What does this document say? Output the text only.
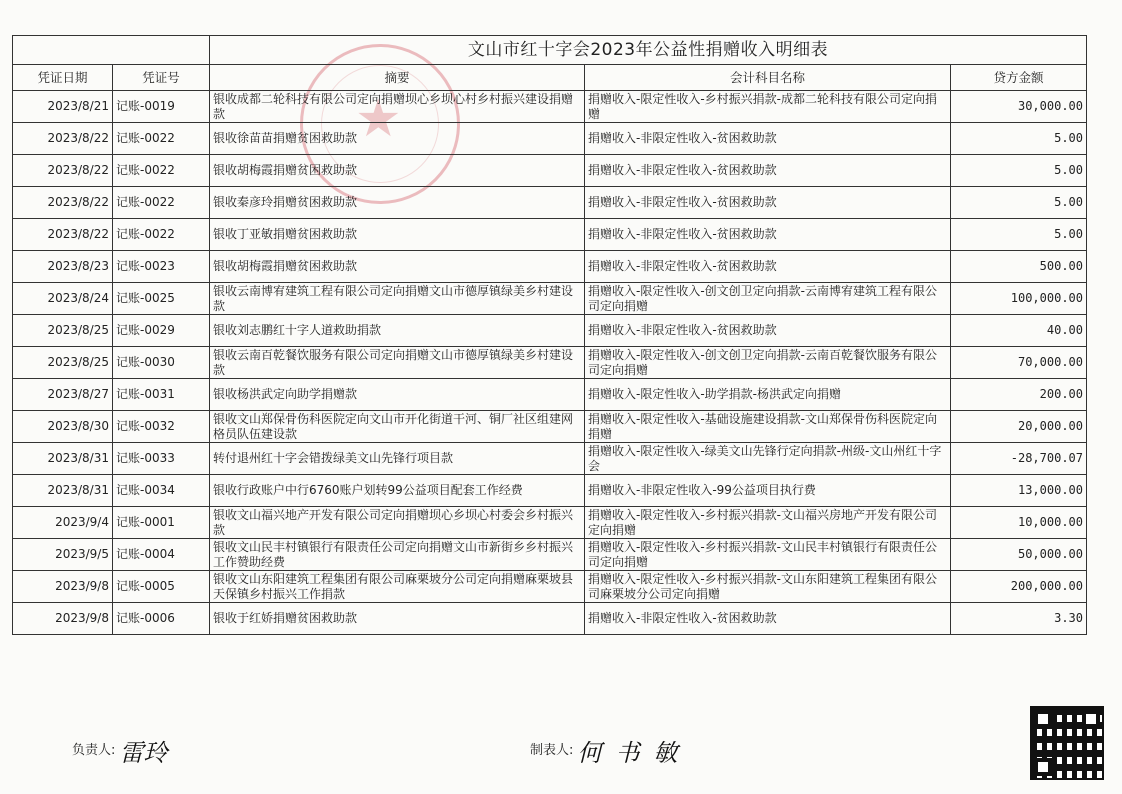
★
		文山市红十字会2023年公益性捐赠收入明细表		
凭证日期	凭证号	摘要	会计科目名称	贷方金额
2023/8/21	记账-0019	银收成都二轮科技有限公司定向捐赠坝心乡坝心村乡村振兴建设捐赠款	捐赠收入-限定性收入-乡村振兴捐款-成都二轮科技有限公司定向捐赠	30,000.00
2023/8/22	记账-0022	银收徐苗苗捐赠贫困救助款	捐赠收入-非限定性收入-贫困救助款	5.00
2023/8/22	记账-0022	银收胡梅霞捐赠贫困救助款	捐赠收入-非限定性收入-贫困救助款	5.00
2023/8/22	记账-0022	银收秦彦玲捐赠贫困救助款	捐赠收入-非限定性收入-贫困救助款	5.00
2023/8/22	记账-0022	银收丁亚敏捐赠贫困救助款	捐赠收入-非限定性收入-贫困救助款	5.00
2023/8/23	记账-0023	银收胡梅霞捐赠贫困救助款	捐赠收入-非限定性收入-贫困救助款	500.00
2023/8/24	记账-0025	银收云南博宥建筑工程有限公司定向捐赠文山市德厚镇绿美乡村建设款	捐赠收入-限定性收入-创文创卫定向捐款-云南博宥建筑工程有限公司定向捐赠	100,000.00
2023/8/25	记账-0029	银收刘志鹏红十字人道救助捐款	捐赠收入-非限定性收入-贫困救助款	40.00
2023/8/25	记账-0030	银收云南百乾餐饮服务有限公司定向捐赠文山市德厚镇绿美乡村建设款	捐赠收入-限定性收入-创文创卫定向捐款-云南百乾餐饮服务有限公司定向捐赠	70,000.00
2023/8/27	记账-0031	银收杨洪武定向助学捐赠款	捐赠收入-限定性收入-助学捐款-杨洪武定向捐赠	200.00
2023/8/30	记账-0032	银收文山郑保骨伤科医院定向文山市开化街道干河、铜厂社区组建网格员队伍建设款	捐赠收入-限定性收入-基础设施建设捐款-文山郑保骨伤科医院定向捐赠	20,000.00
2023/8/31	记账-0033	转付退州红十字会错拨绿美文山先锋行项目款	捐赠收入-限定性收入-绿美文山先锋行定向捐款-州级-文山州红十字会	-28,700.07
2023/8/31	记账-0034	银收行政账户中行6760账户划转99公益项目配套工作经费	捐赠收入-非限定性收入-99公益项目执行费	13,000.00
2023/9/4	记账-0001	银收文山福兴地产开发有限公司定向捐赠坝心乡坝心村委会乡村振兴款	捐赠收入-限定性收入-乡村振兴捐款-文山福兴房地产开发有限公司定向捐赠	10,000.00
2023/9/5	记账-0004	银收文山民丰村镇银行有限责任公司定向捐赠文山市新街乡乡村振兴工作赞助经费	捐赠收入-限定性收入-乡村振兴捐款-文山民丰村镇银行有限责任公司定向捐赠	50,000.00
2023/9/8	记账-0005	银收文山东阳建筑工程集团有限公司麻栗坡分公司定向捐赠麻栗坡县天保镇乡村振兴工作捐款	捐赠收入-限定性收入-乡村振兴捐款-文山东阳建筑工程集团有限公司麻栗坡分公司定向捐赠	200,000.00
2023/9/8	记账-0006	银收于红娇捐赠贫困救助款	捐赠收入-非限定性收入-贫困救助款	3.30
负责人: 雷玲	制表人: 何书敏
